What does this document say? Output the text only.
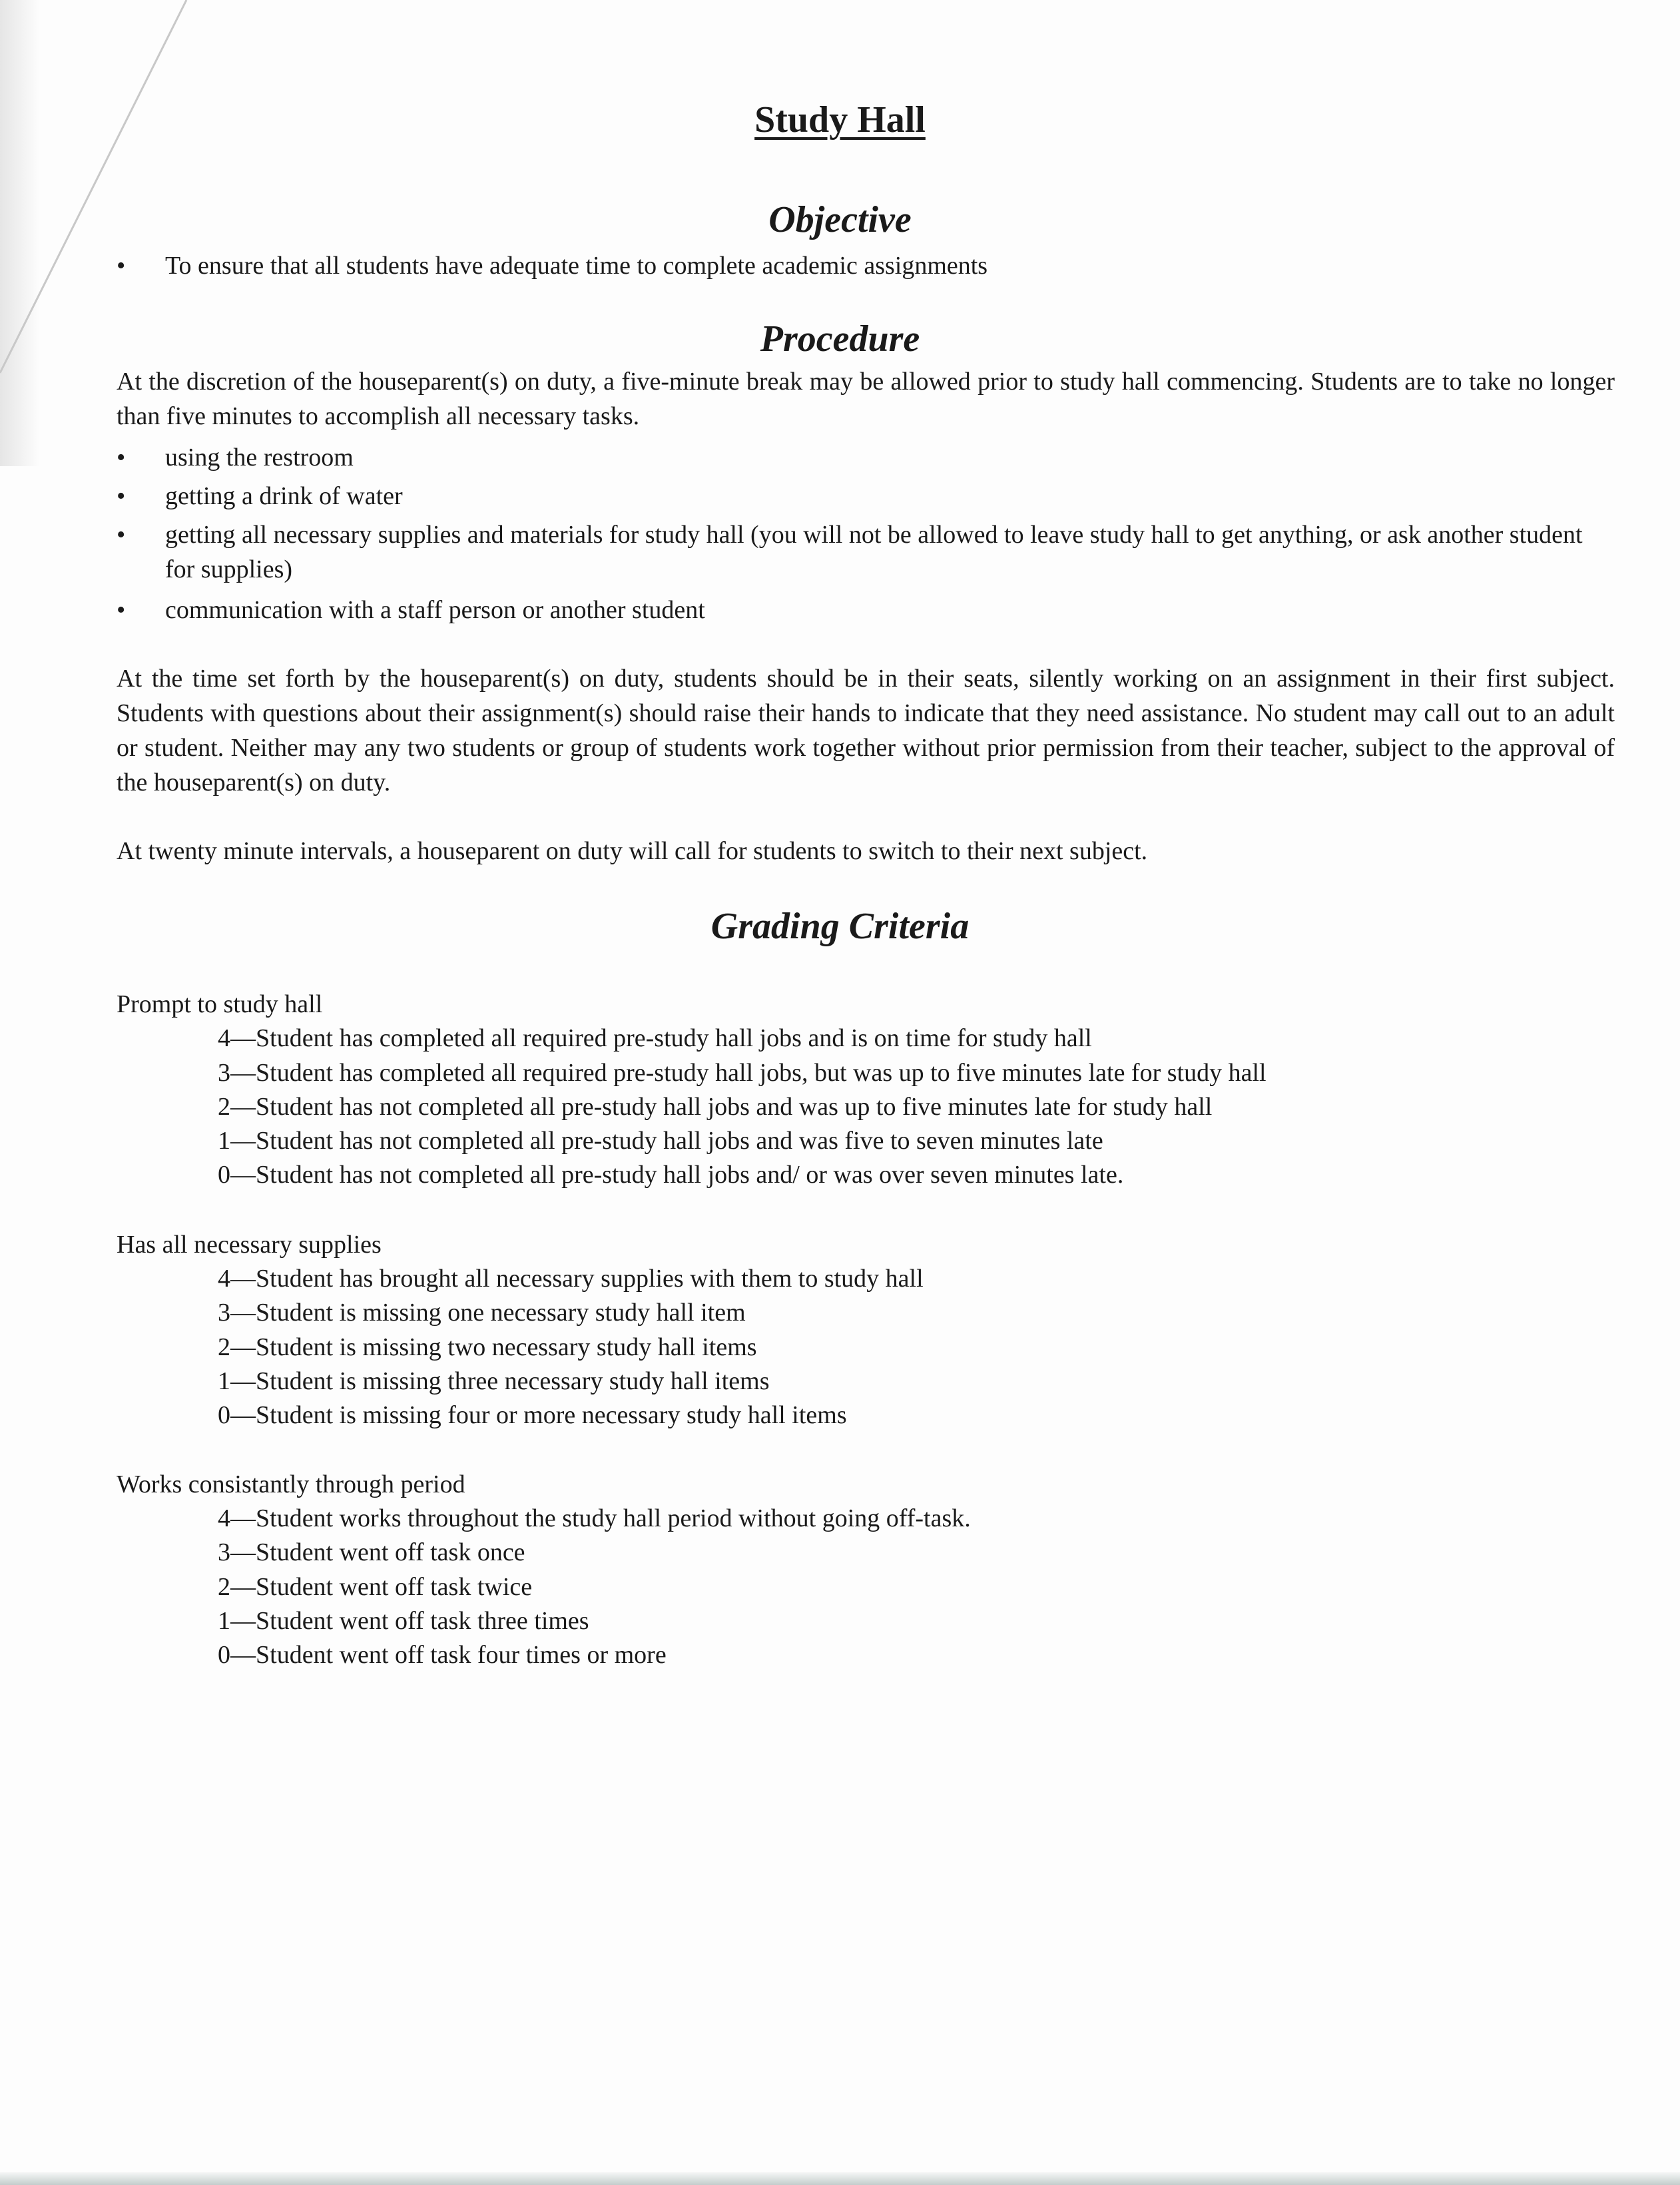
Study Hall
Objective
•	To ensure that all students have adequate time to complete academic assignments
Procedure

At the discretion of the houseparent(s) on duty, a five-minute break may be allowed prior to study hall commencing. Students are to take no longer than five minutes to accomplish all necessary tasks.

•	using the restroom
•	getting a drink of water
•	getting all necessary supplies and materials for study hall (you will not be allowed to leave study hall to get anything, or ask another student for supplies)
•	communication with a staff person or another student

At the time set forth by the houseparent(s) on duty, students should be in their seats, silently working on an assignment in their first subject. Students with questions about their assignment(s) should raise their hands to indicate that they need assistance. No student may call out to an adult or student. Neither may any two students or group of students work together without prior permission from their teacher, subject to the approval of the houseparent(s) on duty.

At twenty minute intervals, a houseparent on duty will call for students to switch to their next subject.

Grading Criteria
Prompt to study hall
4—Student has completed all required pre-study hall jobs and is on time for study hall
3—Student has completed all required pre-study hall jobs, but was up to five minutes late for study hall
2—Student has not completed all pre-study hall jobs and was up to five minutes late for study hall
1—Student has not completed all pre-study hall jobs and was five to seven minutes late
0—Student has not completed all pre-study hall jobs and/ or was over seven minutes late.
Has all necessary supplies
4—Student has brought all necessary supplies with them to study hall
3—Student is missing one necessary study hall item
2—Student is missing two necessary study hall items
1—Student is missing three necessary study hall items
0—Student is missing four or more necessary study hall items
Works consistantly through period
4—Student works throughout the study hall period without going off-task.
3—Student went off task once
2—Student went off task twice
1—Student went off task three times
0—Student went off task four times or more
